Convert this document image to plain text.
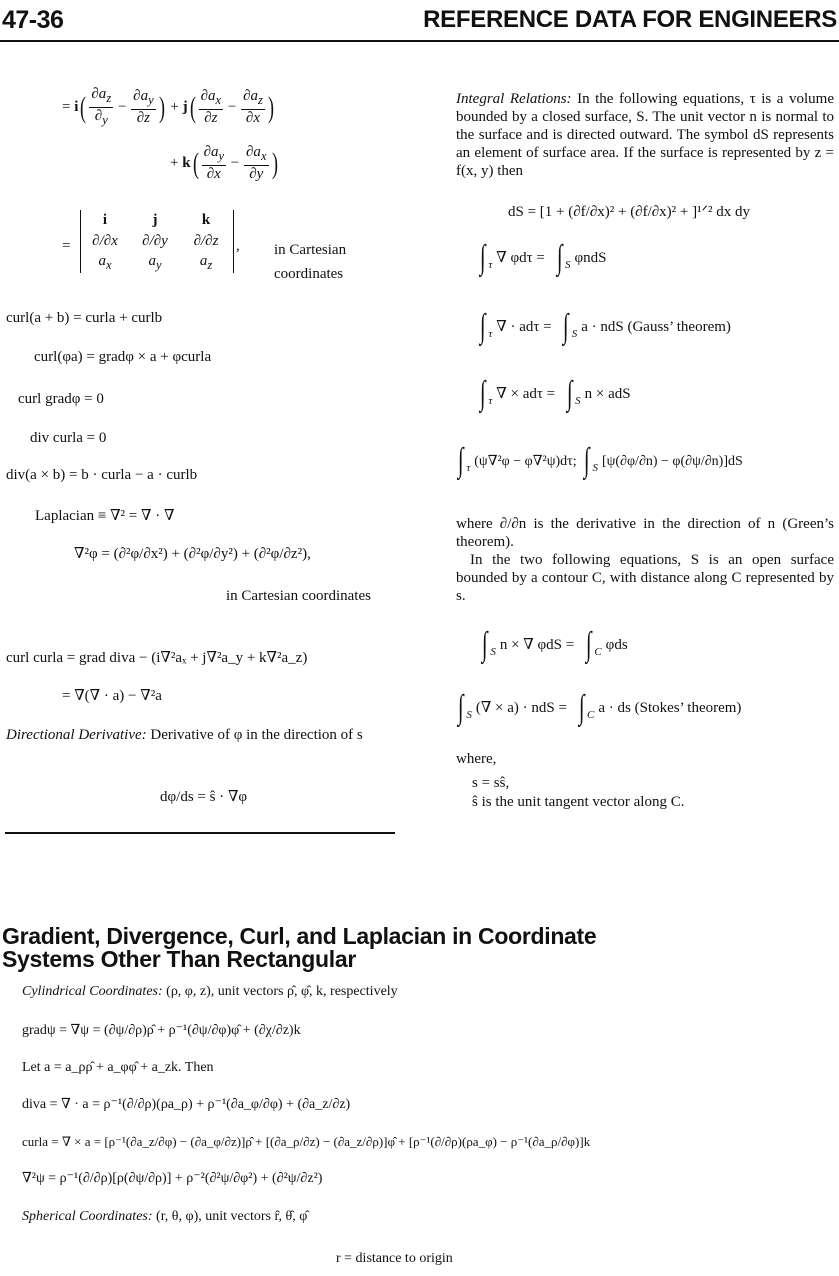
47-36	REFERENCE DATA FOR ENGINEERS
= $i( \frac{\partial a_z}{\partial_y} - \frac{\partial a_y}{\partial z}$ ) + $j( \frac{\partial a_x}{\partial z} - \frac{\partial a_z}{\partial x}$ )
+ $k( \frac{\partial a_y}{\partial x} - \frac{\partial a_x}{\partial y}$ )
=
i	j	k
∂/∂x	∂/∂y	∂/∂z
$a_x$	$a_y$	$a_z$
, in Cartesian
coordinates
curl(a + b) = curla + curlb
curl(φa) = gradφ × a + φcurla
curl gradφ = 0
div curla = 0
div(a × b) = b · curla − a · curlb
Laplacian ≡ ∇² = ∇ · ∇
∇²φ = (∂²φ/∂x²) + (∂²φ/∂y²) + (∂²φ/∂z²),
in Cartesian coordinates
curl curla = grad diva − (i∇²aₓ + j∇²a_y + k∇²a_z)
= ∇(∇ · a) − ∇²a
Directional Derivative: Derivative of φ in the direction of s
dφ/ds = ŝ · ∇φ
Integral Relations: In the following equations, τ is a volume bounded by a closed surface, S. The unit vector n is normal to the surface and is directed outward. The symbol dS represents an element of surface area. If the surface is represented by z = f(x, y) then
dS = [1 + (∂f/∂x)² + (∂f/∂x)² + ]¹ᐟ² dx dy
∫ $_\tau$ ∇ φdτ = ∫ $_S$ φndS
∫ $_\tau$ ∇ · adτ = ∫ $_S$ a · ndS (Gauss’ theorem)
∫ $_\tau$ ∇ × adτ = ∫ $_S$ n × adS
∫ $_\tau$ (ψ∇²φ − φ∇²ψ)dτ; ∫ $_S$ [ψ(∂φ/∂n) − φ(∂ψ/∂n)]dS
where ∂/∂n is the derivative in the direction of n (Green’s theorem).
In the two following equations, S is an open surface bounded by a contour C, with distance along C represented by s.
∫ $_S$ n × ∇ φdS = ∫ $_C$ φds
∫ $_S$ (∇ × a) · ndS = ∫ $_C$ a · ds (Stokes’ theorem)
where,
s = sŝ,
ŝ is the unit tangent vector along C.
Gradient, Divergence, Curl, and Laplacian in Coordinate
Systems Other Than Rectangular
Cylindrical Coordinates: (ρ, φ, z), unit vectors ρ̂, φ̂, k, respectively
gradψ = ∇ψ = (∂ψ/∂ρ)ρ̂ + ρ⁻¹(∂ψ/∂φ)φ̂ + (∂χ/∂z)k
Let a = a_ρρ̂ + a_φφ̂ + a_zk. Then
diva = ∇ · a = ρ⁻¹(∂/∂ρ)(ρa_ρ) + ρ⁻¹(∂a_φ/∂φ) + (∂a_z/∂z)
curla = ∇ × a = [ρ⁻¹(∂a_z/∂φ) − (∂a_φ/∂z)]ρ̂ + [(∂a_ρ/∂z) − (∂a_z/∂ρ)]φ̂ + [ρ⁻¹(∂/∂ρ)(ρa_φ) − ρ⁻¹(∂a_ρ/∂φ)]k
∇²ψ = ρ⁻¹(∂/∂ρ)[ρ(∂ψ/∂ρ)] + ρ⁻²(∂²ψ/∂φ²) + (∂²ψ/∂z²)
Spherical Coordinates: (r, θ, φ), unit vectors r̂, θ̂, φ̂
r = distance to origin
